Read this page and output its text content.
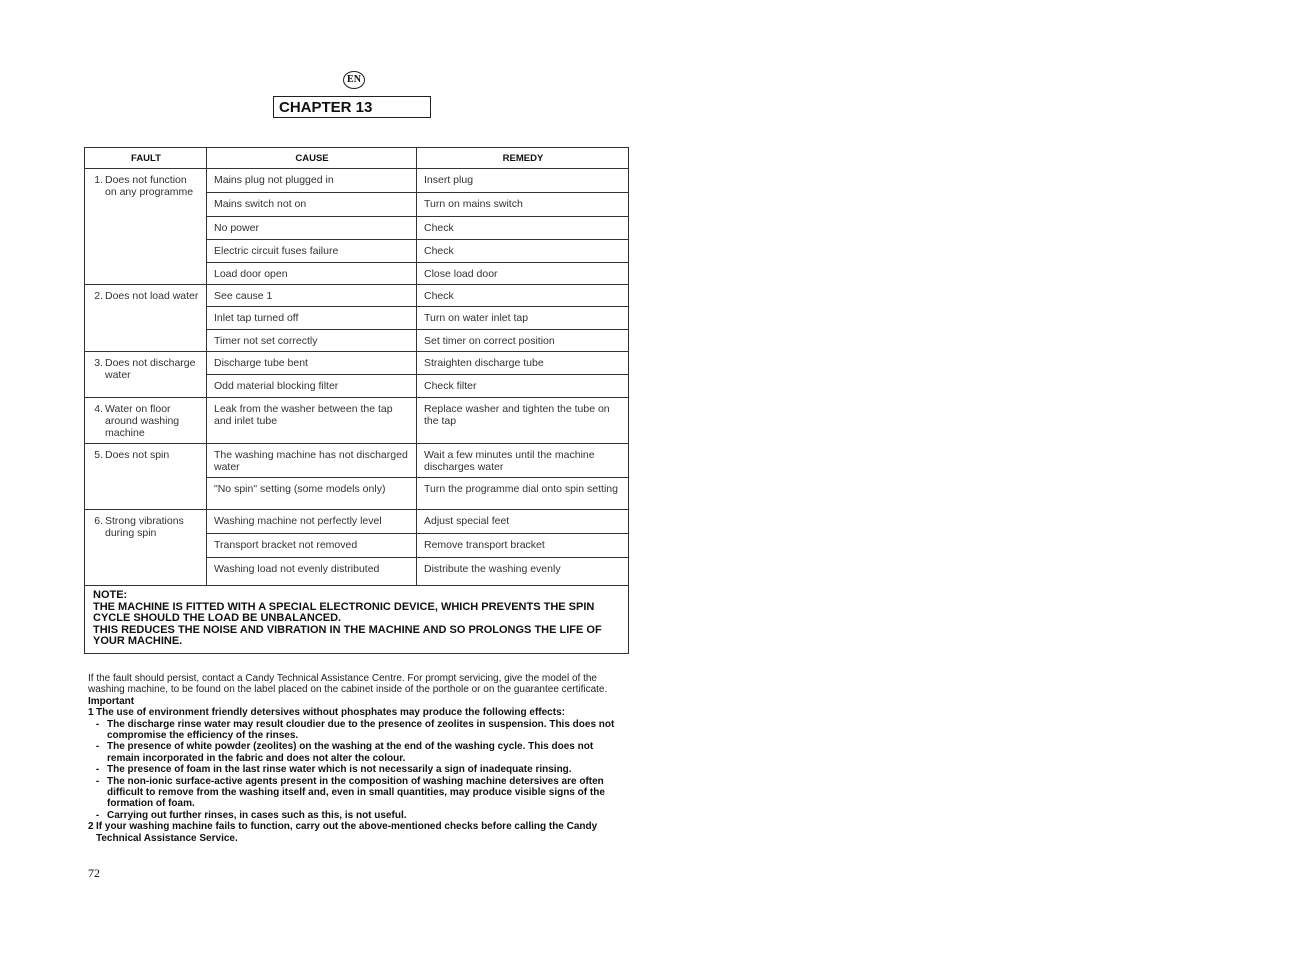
EN
CHAPTER 13
FAULT	CAUSE	REMEDY

1. Does not function on any programme	Mains plug not plugged in	Insert plug
	Mains switch not on	Turn on mains switch
	No power	Check
	Electric circuit fuses failure	Check
	Load door open	Close load door

2. Does not load water	See cause 1	Check
	Inlet tap turned off	Turn on water inlet tap
	Timer not set correctly	Set timer on correct position

3. Does not discharge water	Discharge tube bent	Straighten discharge tube
	Odd material blocking filter	Check filter

4. Water on floor around washing machine	Leak from the washer between the tap and inlet tube	Replace washer and tighten the tube on the tap

5. Does not spin	The washing machine has not discharged water	Wait a few minutes until the machine discharges water
	"No spin" setting (some models only)	Turn the programme dial onto spin setting

6. Strong vibrations during spin	Washing machine not perfectly level	Adjust special feet
	Transport bracket not removed	Remove transport bracket
	Washing load not evenly distributed	Distribute the washing evenly

NOTE:
THE MACHINE IS FITTED WITH A SPECIAL ELECTRONIC DEVICE, WHICH PREVENTS THE SPIN CYCLE SHOULD THE LOAD BE UNBALANCED.
THIS REDUCES THE NOISE AND VIBRATION IN THE MACHINE AND SO PROLONGS THE LIFE OF YOUR MACHINE.		

If the fault should persist, contact a Candy Technical Assistance Centre. For prompt servicing, give the model of the washing machine, to be found on the label placed on the cabinet inside of the porthole or on the guarantee certificate.

Important

1 The use of environment friendly detersives without phosphates may produce the following effects:
- The discharge rinse water may result cloudier due to the presence of zeolites in suspension. This does not compromise the efficiency of the rinses.
- The presence of white powder (zeolites) on the washing at the end of the washing cycle. This does not remain incorporated in the fabric and does not alter the colour.
- The presence of foam in the last rinse water which is not necessarily a sign of inadequate rinsing.
- The non-ionic surface-active agents present in the composition of washing machine detersives are often difficult to remove from the washing itself and, even in small quantities, may produce visible signs of the formation of foam.
- Carrying out further rinses, in cases such as this, is not useful.
2 If your washing machine fails to function, carry out the above-mentioned checks before calling the Candy Technical Assistance Service.
72
